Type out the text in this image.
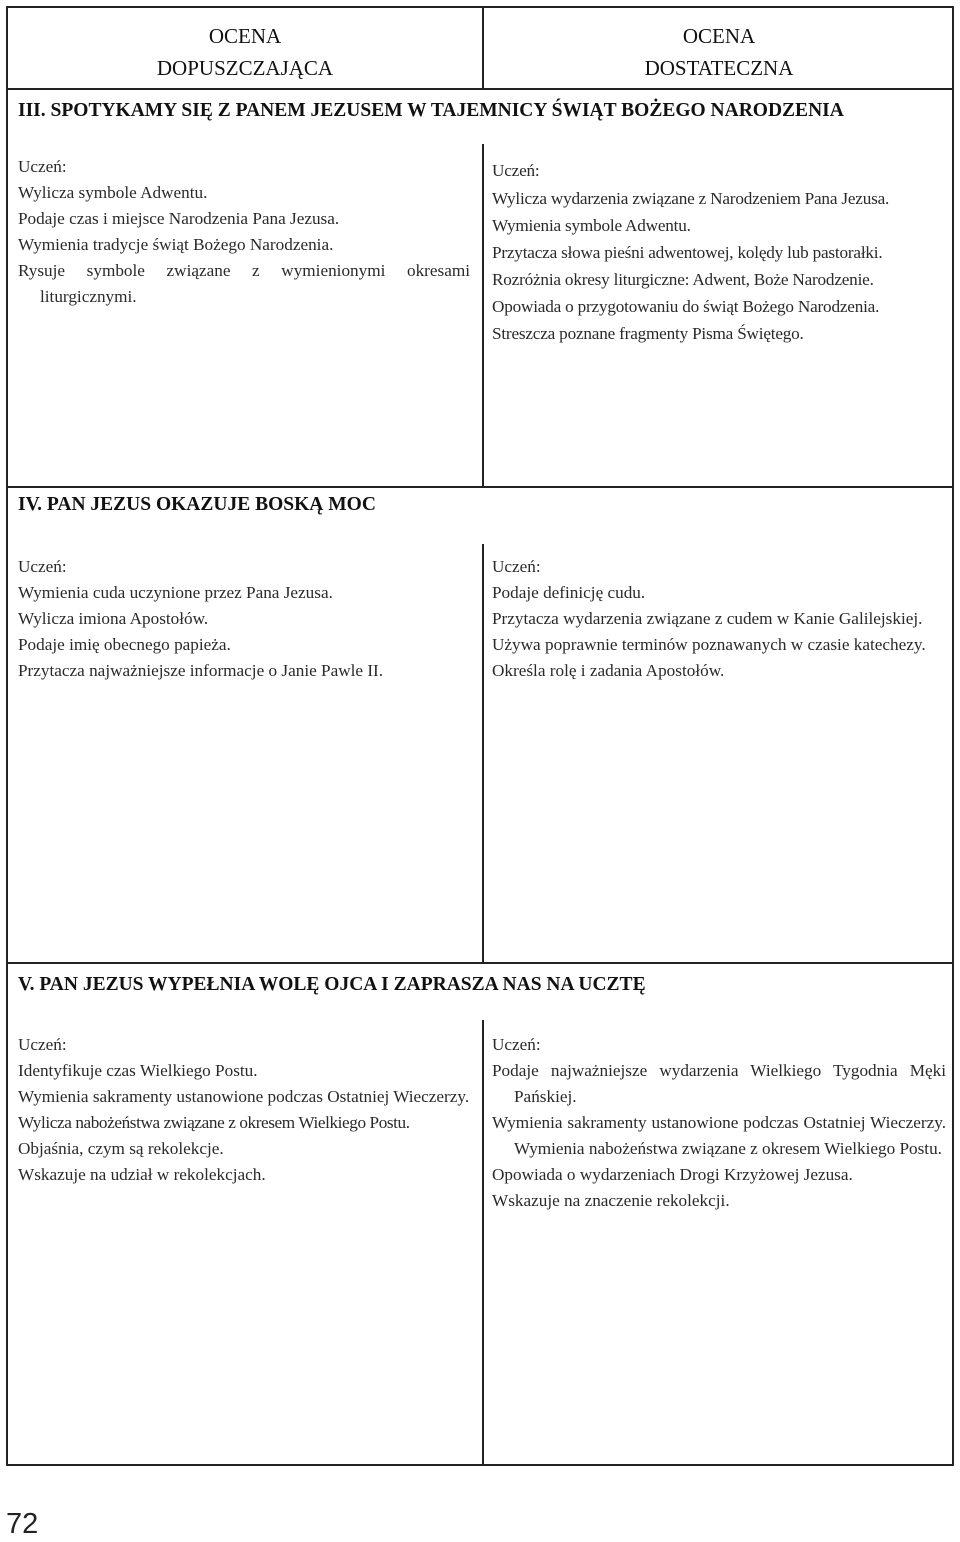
OCENA
DOPUSZCZAJĄCA
OCENA
DOSTATECZNA
III. SPOTYKAMY SIĘ Z PANEM JEZUSEM W TAJEMNICY ŚWIĄT BOŻEGO NARODZENIA
Uczeń:
Wylicza symbole Adwentu.
Podaje czas i miejsce Narodzenia Pana Jezusa.
Wymienia tradycje świąt Bożego Narodzenia.
Rysuje symbole związane z wymienionymi okresami liturgicznymi.
Uczeń:
Wylicza wydarzenia związane z Narodzeniem Pana Jezusa.
Wymienia symbole Adwentu.
Przytacza słowa pieśni adwentowej, kolędy lub pastorałki.
Rozróżnia okresy liturgiczne: Adwent, Boże Narodzenie.
Opowiada o przygotowaniu do świąt Bożego Narodzenia.
Streszcza poznane fragmenty Pisma Świętego.
IV. PAN JEZUS OKAZUJE BOSKĄ MOC
Uczeń:
Wymienia cuda uczynione przez Pana Jezusa.
Wylicza imiona Apostołów.
Podaje imię obecnego papieża.
Przytacza najważniejsze informacje o Janie Pawle II.
Uczeń:
Podaje definicję cudu.
Przytacza wydarzenia związane z cudem w Kanie Galilejskiej.
Używa poprawnie terminów poznawanych w czasie katechezy.
Określa rolę i zadania Apostołów.
V. PAN JEZUS WYPEŁNIA WOLĘ OJCA I ZAPRASZA NAS NA UCZTĘ
Uczeń:
Identyfikuje czas Wielkiego Postu.
Wymienia sakramenty ustanowione podczas Ostatniej Wieczerzy.
Wylicza nabożeństwa związane z okresem Wielkiego Postu.
Objaśnia, czym są rekolekcje.
Wskazuje na udział w rekolekcjach.
Uczeń:
Podaje najważniejsze wydarzenia Wielkiego Tygodnia Męki Pańskiej.
Wymienia sakramenty ustanowione podczas Ostatniej Wieczerzy. Wymienia nabożeństwa związane z okresem Wielkiego Postu.
Opowiada o wydarzeniach Drogi Krzyżowej Jezusa.
Wskazuje na znaczenie rekolekcji.
72
